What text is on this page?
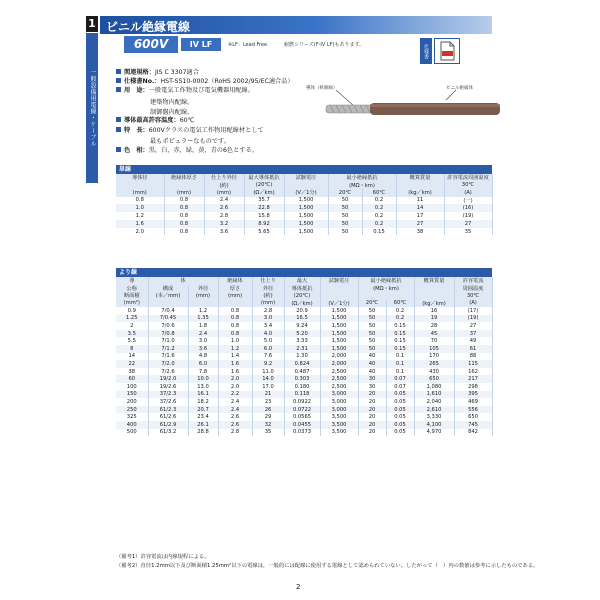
1
一般設備用電線・ケーブル
ビニル絶縁電線
600V	IV LF	※LF：Lead Free	耐燃シリーズ(F-IV LF)もあります。	仕様書
関連規格：JIS C 3307適合
仕様書No.：HST-SS10-0002（RoHS 2002/95/EC適合品）
用　途：一般電気工作物及び電気機器用配線。
建築物内配線。
制御盤内配線。
導体最高許容温度：60℃
特　長：600Vクラスの電気工作物用配線材として
最もポピュラーなものです。
色　相：黒，白，赤，緑，黄，青の6色とする。
導体（軟銅線）	ビニル絶縁体
単線
導体径	絶縁体厚さ	仕上り外径	最大導体抵抗	試験電圧	最小絶縁抵抗		概算質量	許容電流周囲温度
		(約)	(20℃)		(MΩ・km)			30℃
(mm)	(mm)	(mm)	(Ω／km)	(V／1分)	20℃	60℃	(kg／km)	(A)
0.8	0.8	2.4	35.7	1,500	50	0.2	11	(一)
1.0	0.8	2.6	22.8	1,500	50	0.2	14	(16)
1.2	0.8	2.8	15.8	1,500	50	0.2	17	(19)
1.6	0.8	3.2	8.92	1,500	50	0.2	27	27
2.0	0.8	3.6	5.65	1,500	50	0.15	38	35
より線
導	体		絶縁体	仕上り	最大	試験電圧	最小絶縁抵抗		概算質量	許容電流
公称	構成	外径	厚さ	外径	導体抵抗		(MΩ・km)			周囲温度
断面積	(本／mm)	(mm)	(mm)	(約)	(20℃)					30℃
(mm²)				(mm)	(Ω／km)	(V／1分)	20℃	60℃	(kg／km)	(A)
0.9	7/0.4	1.2	0.8	2.8	20.9	1,500	50	0.2	16	(17)
1.25	7/0.45	1.35	0.8	3.0	16.5	1,500	50	0.2	19	(19)
2	7/0.6	1.8	0.8	3.4	9.24	1,500	50	0.15	28	27
3.5	7/0.8	2.4	0.8	4.0	5.20	1,500	50	0.15	45	37
5.5	7/1.0	3.0	1.0	5.0	3.33	1,500	50	0.15	70	49
8	7/1.2	3.6	1.2	6.0	2.31	1,500	50	0.15	105	61
14	7/1.6	4.8	1.4	7.6	1.30	2,000	40	0.1	170	88
22	7/2.0	6.0	1.6	9.2	0.824	2,000	40	0.1	265	115
38	7/2.6	7.8	1.6	11.0	0.487	2,500	40	0.1	430	162
60	19/2.0	10.0	2.0	14.0	0.303	2,500	30	0.07	650	217
100	19/2.6	13.0	2.0	17.0	0.180	2,500	30	0.07	1,080	298
150	37/2.3	16.1	2.2	21	0.118	3,000	20	0.05	1,610	395
200	37/2.6	18.2	2.4	23	0.0922	3,000	20	0.05	2,040	469
250	61/2.3	20.7	2.4	26	0.0722	3,000	20	0.05	2,610	556
325	61/2.6	23.4	2.6	29	0.0565	3,500	20	0.05	3,330	650
400	61/2.9	26.1	2.6	32	0.0455	3,500	20	0.05	4,100	745
500	61/3.2	28.8	2.8	35	0.0373	3,500	20	0.05	4,970	842
（備考1）許容電流は内線規程による。
（備考2）直径1.2mm以下及び断面積1.25mm²以下の電線は，一般的には配線に使用する電線として認められていない。したがって（　）内の数値は参考に示したものである。
2
